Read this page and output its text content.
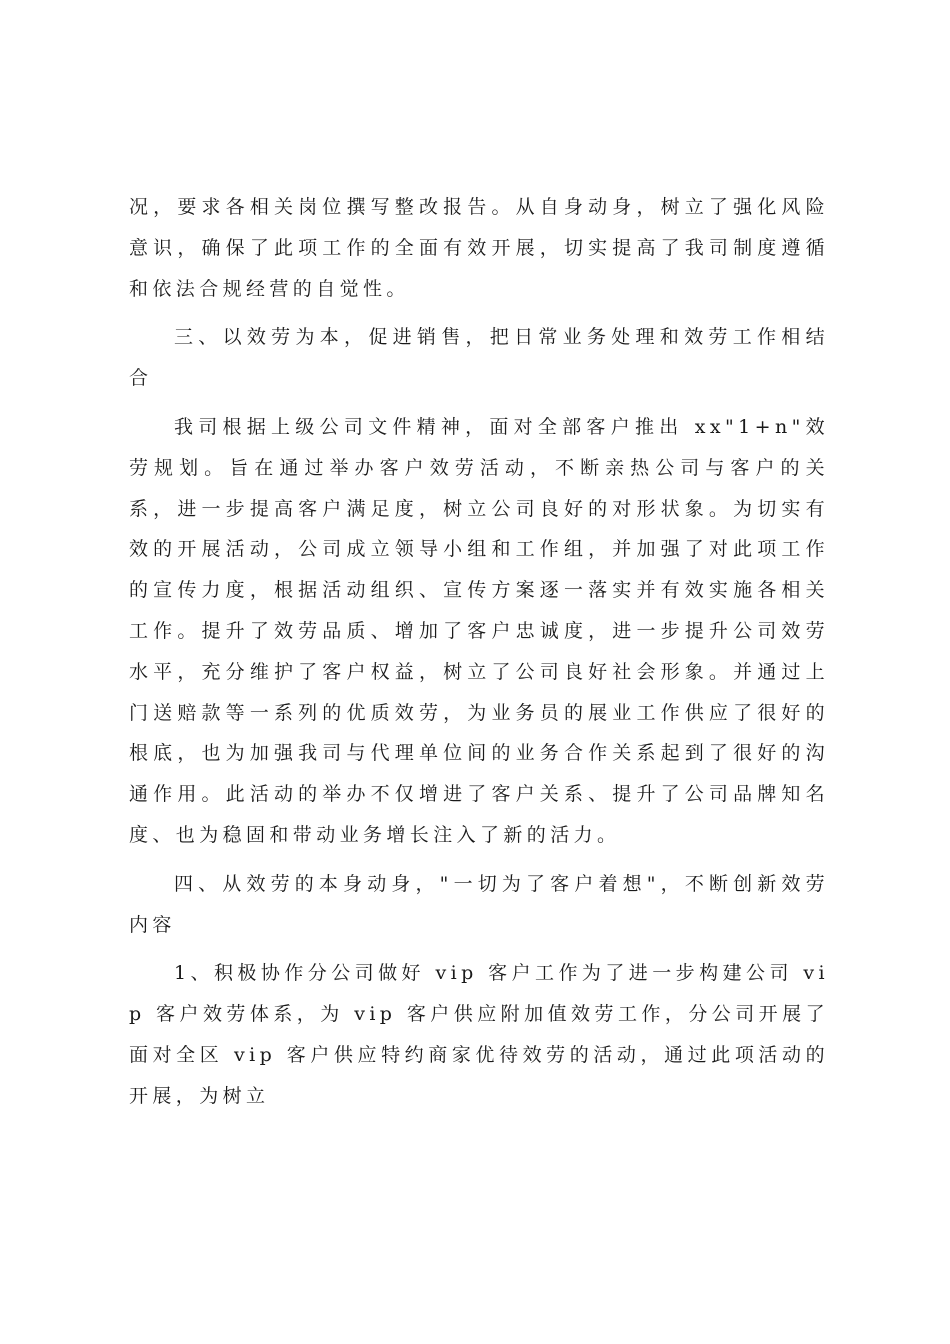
况，要求各相关岗位撰写整改报告。从自身动身，树立了强化风险意识，确保了此项工作的全面有效开展，切实提高了我司制度遵循和依法合规经营的自觉性。

三、以效劳为本，促进销售，把日常业务处理和效劳工作相结合

我司根据上级公司文件精神，面对全部客户推出 xx"1+n"效劳规划。旨在通过举办客户效劳活动，不断亲热公司与客户的关系，进一步提高客户满足度，树立公司良好的对形状象。为切实有效的开展活动，公司成立领导小组和工作组，并加强了对此项工作的宣传力度，根据活动组织、宣传方案逐一落实并有效实施各相关工作。提升了效劳品质、增加了客户忠诚度，进一步提升公司效劳水平，充分维护了客户权益，树立了公司良好社会形象。并通过上门送赔款等一系列的优质效劳，为业务员的展业工作供应了很好的根底，也为加强我司与代理单位间的业务合作关系起到了很好的沟通作用。此活动的举办不仅增进了客户关系、提升了公司品牌知名度、也为稳固和带动业务增长注入了新的活力。

四、从效劳的本身动身，"一切为了客户着想"，不断创新效劳内容

1、积极协作分公司做好 vip 客户工作为了进一步构建公司 vip 客户效劳体系，为 vip 客户供应附加值效劳工作，分公司开展了面对全区 vip 客户供应特约商家优待效劳的活动，通过此项活动的开展，为树立
